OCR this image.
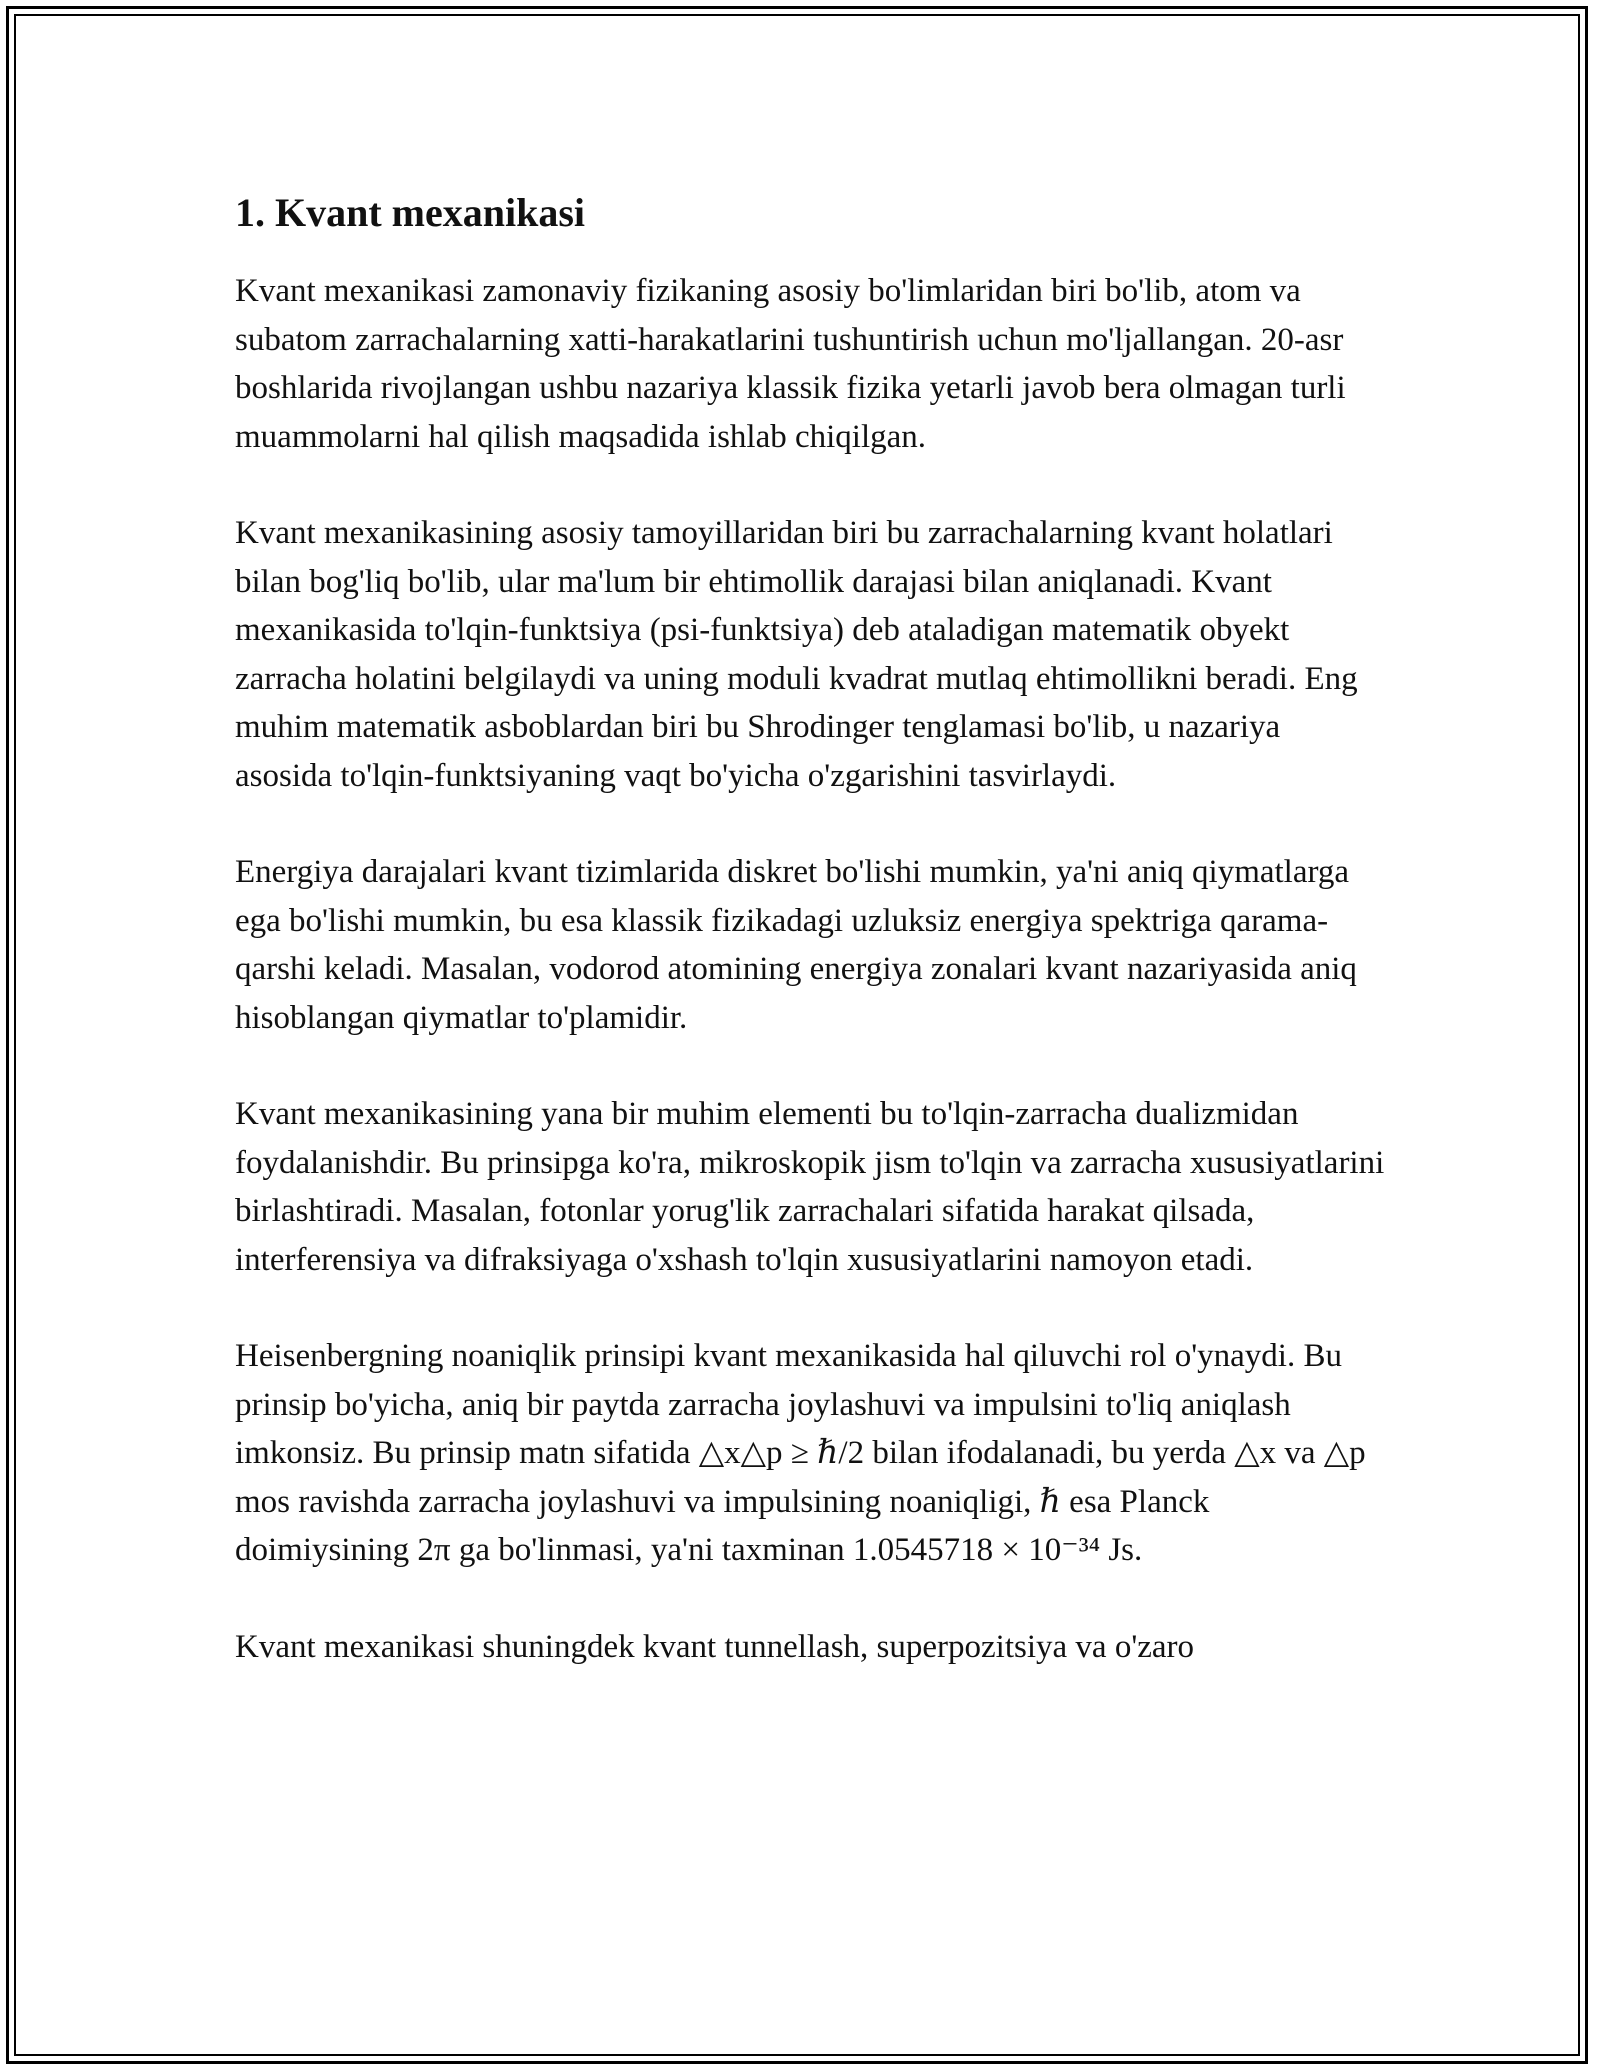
1. Kvant mexanikasi

Kvant mexanikasi zamonaviy fizikaning asosiy bo'limlaridan biri bo'lib, atom va subatom zarrachalarning xatti-harakatlarini tushuntirish uchun mo'ljallangan. 20-asr boshlarida rivojlangan ushbu nazariya klassik fizika yetarli javob bera olmagan turli muammolarni hal qilish maqsadida ishlab chiqilgan.

Kvant mexanikasining asosiy tamoyillaridan biri bu zarrachalarning kvant holatlari bilan bog'liq bo'lib, ular ma'lum bir ehtimollik darajasi bilan aniqlanadi. Kvant mexanikasida to'lqin-funktsiya (psi-funktsiya) deb ataladigan matematik obyekt zarracha holatini belgilaydi va uning moduli kvadrat mutlaq ehtimollikni beradi. Eng muhim matematik asboblardan biri bu Shrodinger tenglamasi bo'lib, u nazariya asosida to'lqin-funktsiyaning vaqt bo'yicha o'zgarishini tasvirlaydi.

Energiya darajalari kvant tizimlarida diskret bo'lishi mumkin, ya'ni aniq qiymatlarga ega bo'lishi mumkin, bu esa klassik fizikadagi uzluksiz energiya spektriga qarama-qarshi keladi. Masalan, vodorod atomining energiya zonalari kvant nazariyasida aniq hisoblangan qiymatlar to'plamidir.

Kvant mexanikasining yana bir muhim elementi bu to'lqin-zarracha dualizmidan foydalanishdir. Bu prinsipga ko'ra, mikroskopik jism to'lqin va zarracha xususiyatlarini birlashtiradi. Masalan, fotonlar yorug'lik zarrachalari sifatida harakat qilsada, interferensiya va difraksiyaga o'xshash to'lqin xususiyatlarini namoyon etadi.

Heisenbergning noaniqlik prinsipi kvant mexanikasida hal qiluvchi rol o'ynaydi. Bu prinsip bo'yicha, aniq bir paytda zarracha joylashuvi va impulsini to'liq aniqlash imkonsiz. Bu prinsip matn sifatida △x△p ≥ ℏ/2 bilan ifodalanadi, bu yerda △x va △p mos ravishda zarracha joylashuvi va impulsining noaniqligi, ℏ esa Planck doimiysining 2π ga bo'linmasi, ya'ni taxminan 1.0545718 × 10⁻³⁴ Js.

Kvant mexanikasi shuningdek kvant tunnellash, superpozitsiya va o'zaro
